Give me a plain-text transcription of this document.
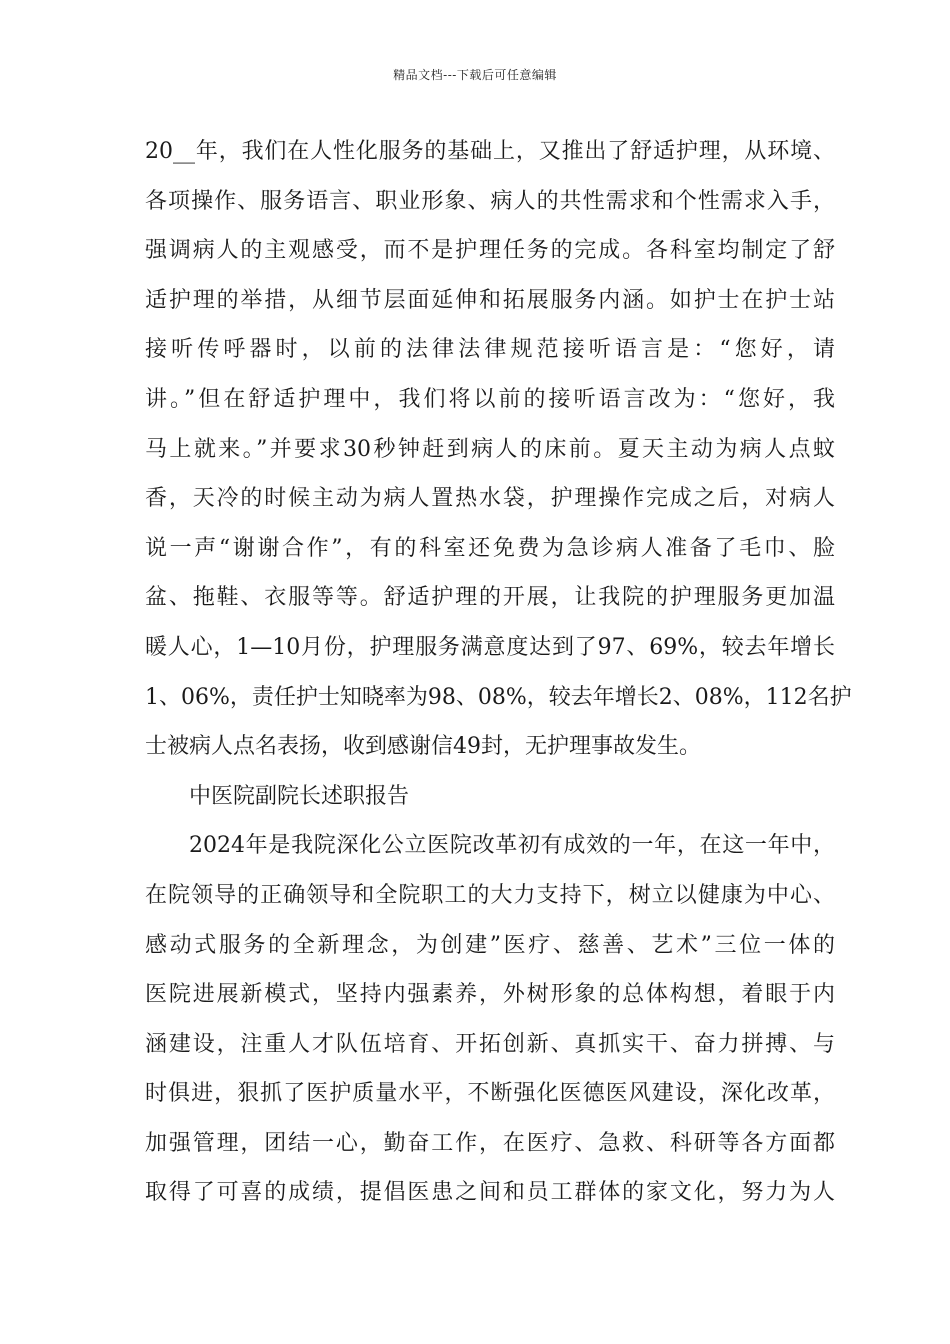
精品文档---下载后可任意编辑
20__年，我们在人性化服务的基础上，又推出了舒适护理，从环境、
各项操作、服务语言、职业形象、病人的共性需求和个性需求入手，
强调病人的主观感受，而不是护理任务的完成。各科室均制定了舒
适护理的举措，从细节层面延伸和拓展服务内涵。如护士在护士站
接听传呼器时，以前的法律法律规范接听语言是：“您好，请
讲。”但在舒适护理中，我们将以前的接听语言改为：“您好，我
马上就来。”并要求30秒钟赶到病人的床前。夏天主动为病人点蚊
香，天冷的时候主动为病人置热水袋，护理操作完成之后，对病人
说一声“谢谢合作”，有的科室还免费为急诊病人准备了毛巾、脸
盆、拖鞋、衣服等等。舒适护理的开展，让我院的护理服务更加温
暖人心，1—10月份，护理服务满意度达到了97、69%，较去年增长
1、06%，责任护士知晓率为98、08%，较去年增长2、08%，112名护
士被病人点名表扬，收到感谢信49封，无护理事故发生。
中医院副院长述职报告
2024年是我院深化公立医院改革初有成效的一年，在这一年中，
在院领导的正确领导和全院职工的大力支持下，树立以健康为中心、
感动式服务的全新理念，为创建”医疗、慈善、艺术”三位一体的
医院进展新模式，坚持内强素养，外树形象的总体构想，着眼于内
涵建设，注重人才队伍培育、开拓创新、真抓实干、奋力拼搏、与
时俱进，狠抓了医护质量水平，不断强化医德医风建设，深化改革，
加强管理，团结一心，勤奋工作，在医疗、急救、科研等各方面都
取得了可喜的成绩，提倡医患之间和员工群体的家文化，努力为人
